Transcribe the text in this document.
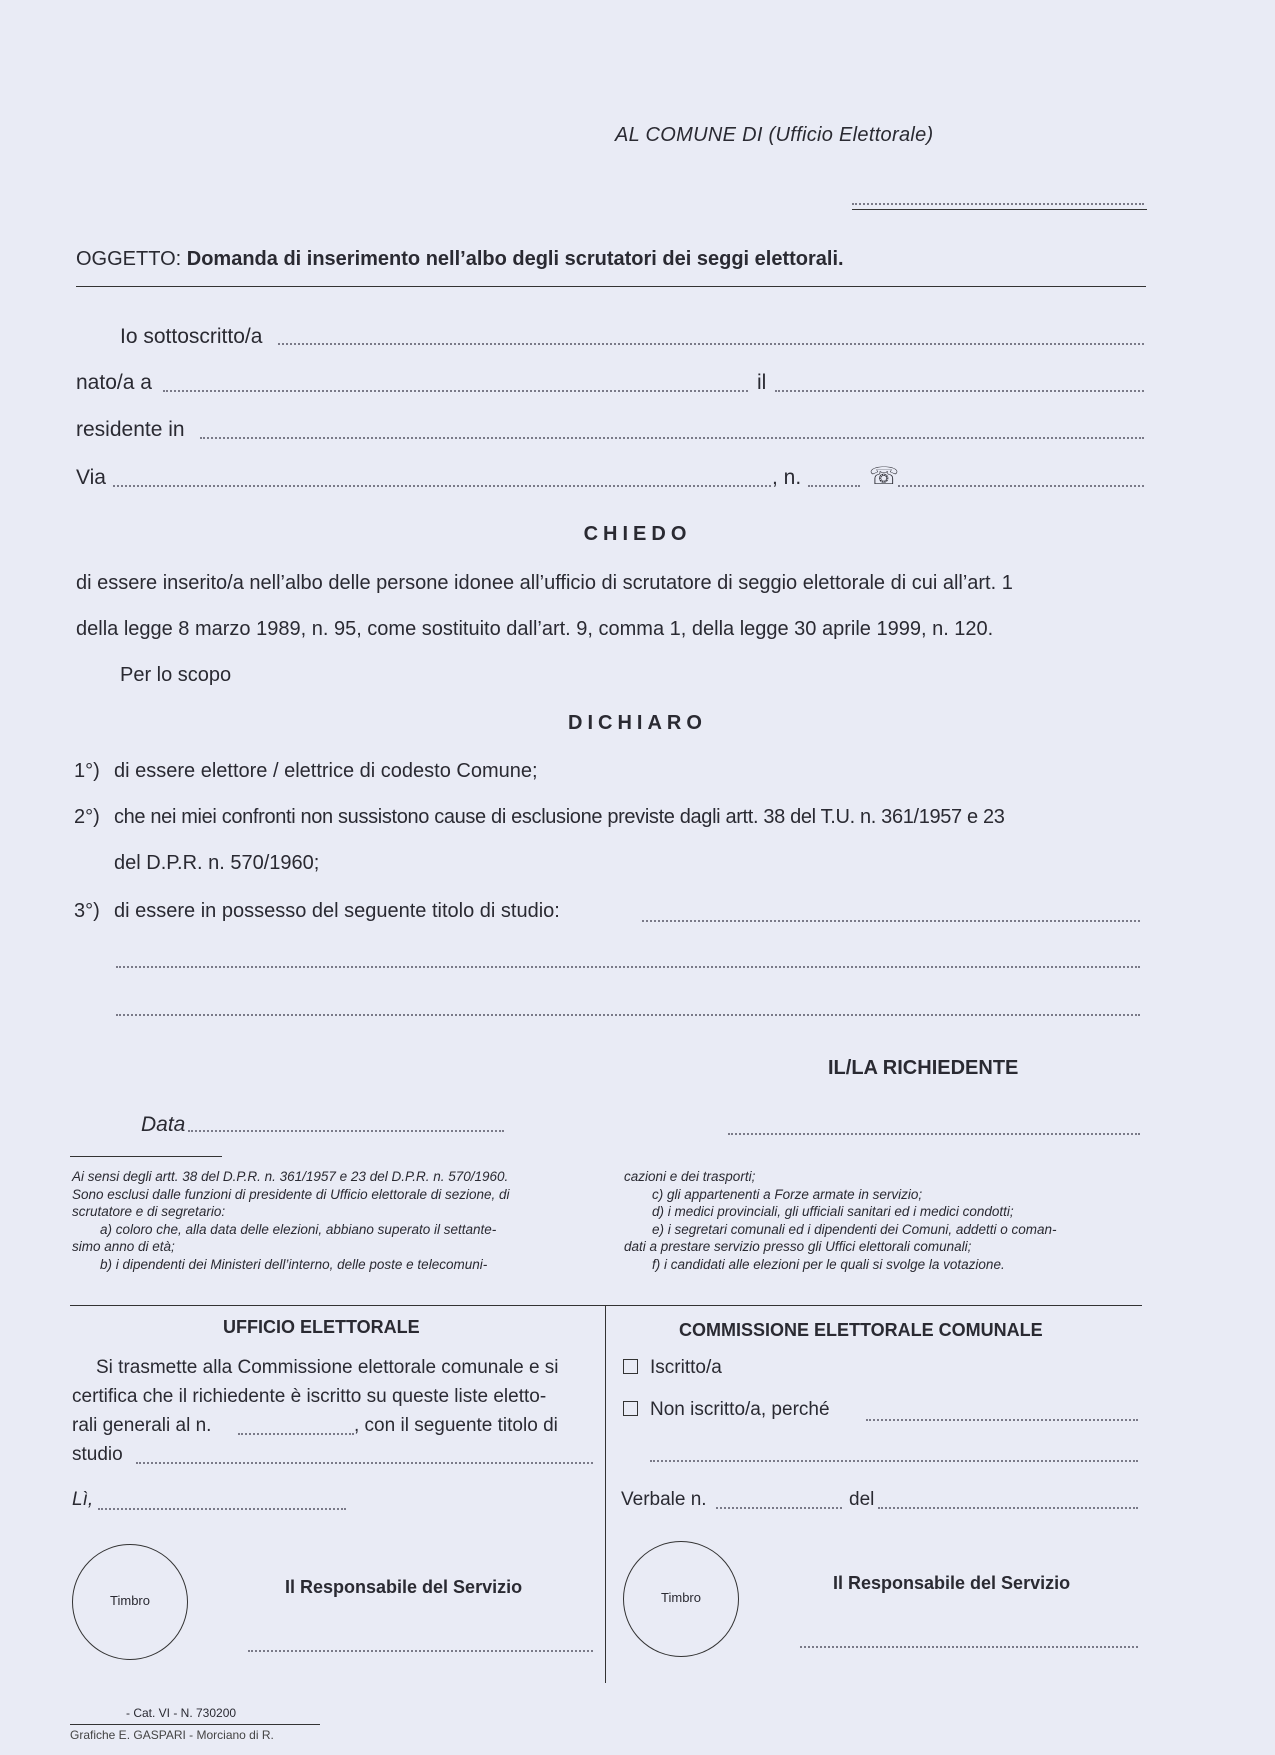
AL COMUNE DI (Ufficio Elettorale)
OGGETTO: Domanda di inserimento nell’albo degli scrutatori dei seggi elettorali.
Io sottoscritto/a
nato/a a	il
residente in
Via	, n.	☏
CHIEDO
di essere inserito/a nell’albo delle persone idonee all’ufficio di scrutatore di seggio elettorale di cui all’art. 1
della legge 8 marzo 1989, n. 95, come sostituito dall’art. 9, comma 1, della legge 30 aprile 1999, n. 120.
Per lo scopo
DICHIARO
1°) di essere elettore / elettrice di codesto Comune;
2°) che nei miei confronti non sussistono cause di esclusione previste dagli artt. 38 del T.U. n. 361/1957 e 23
del D.P.R. n. 570/1960;
3°) di essere in possesso del seguente titolo di studio:
IL/LA RICHIEDENTE
Data
Ai sensi degli artt. 38 del D.P.R. n. 361/1957 e 23 del D.P.R. n. 570/1960.
Sono esclusi dalle funzioni di presidente di Ufficio elettorale di sezione, di
scrutatore e di segretario:
a) coloro che, alla data delle elezioni, abbiano superato il settante-
simo anno di età;
b) i dipendenti dei Ministeri dell’interno, delle poste e telecomuni-
cazioni e dei trasporti;
c) gli appartenenti a Forze armate in servizio;
d) i medici provinciali, gli ufficiali sanitari ed i medici condotti;
e) i segretari comunali ed i dipendenti dei Comuni, addetti o coman-
dati a prestare servizio presso gli Uffici elettorali comunali;
f) i candidati alle elezioni per le quali si svolge la votazione.
UFFICIO ELETTORALE
Si trasmette alla Commissione elettorale comunale e si
certifica che il richiedente è iscritto su queste liste eletto-
rali generali al n.	, con il seguente titolo di
studio
Lì,
Timbro
Il Responsabile del Servizio
COMMISSIONE ELETTORALE COMUNALE
Iscritto/a
Non iscritto/a, perché
Verbale n.	del
Timbro
Il Responsabile del Servizio
- Cat. VI - N. 730200
Grafiche E. GASPARI - Morciano di R.
